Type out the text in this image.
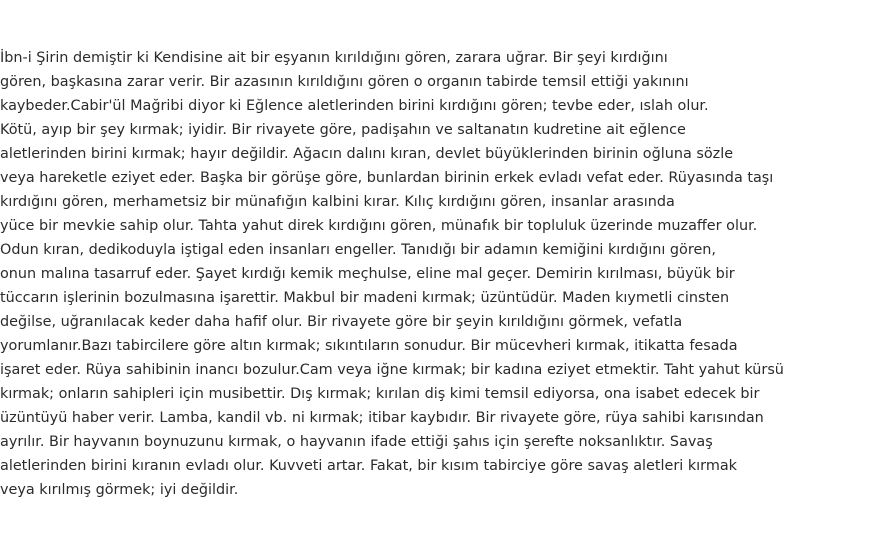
İbn-i Şirin demiştir ki Kendisine ait bir eşyanın kırıldığını gören, zarara uğrar. Bir şeyi kırdığını
gören, başkasına zarar verir. Bir azasının kırıldığını gören o organın tabirde temsil ettiği yakınını
kaybeder.Cabir'ül Mağribi diyor ki Eğlence aletlerinden birini kırdığını gören; tevbe eder, ıslah olur.
Kötü, ayıp bir şey kırmak; iyidir. Bir rivayete göre, padişahın ve saltanatın kudretine ait eğlence
aletlerinden birini kırmak; hayır değildir. Ağacın dalını kıran, devlet büyüklerinden birinin oğluna sözle
veya hareketle eziyet eder. Başka bir görüşe göre, bunlardan birinin erkek evladı vefat eder. Rüyasında taşı
kırdığını gören, merhametsiz bir münafığın kalbini kırar. Kılıç kırdığını gören, insanlar arasında
yüce bir mevkie sahip olur. Tahta yahut direk kırdığını gören, münafık bir topluluk üzerinde muzaffer olur.
Odun kıran, dedikoduyla iştigal eden insanları engeller. Tanıdığı bir adamın kemiğini kırdığını gören,
onun malına tasarruf eder. Şayet kırdığı kemik meçhulse, eline mal geçer. Demirin kırılması, büyük bir
tüccarın işlerinin bozulmasına işarettir. Makbul bir madeni kırmak; üzüntüdür. Maden kıymetli cinsten
değilse, uğranılacak keder daha hafif olur. Bir rivayete göre bir şeyin kırıldığını görmek, vefatla
yorumlanır.Bazı tabircilere göre altın kırmak; sıkıntıların sonudur. Bir mücevheri kırmak, itikatta fesada
işaret eder. Rüya sahibinin inancı bozulur.Cam veya iğne kırmak; bir kadına eziyet etmektir. Taht yahut kürsü
kırmak; onların sahipleri için musibettir. Dış kırmak; kırılan diş kimi temsil ediyorsa, ona isabet edecek bir
üzüntüyü haber verir. Lamba, kandil vb. ni kırmak; itibar kaybıdır. Bir rivayete göre, rüya sahibi karısından
ayrılır. Bir hayvanın boynuzunu kırmak, o hayvanın ifade ettiği şahıs için şerefte noksanlıktır. Savaş
aletlerinden birini kıranın evladı olur. Kuvveti artar. Fakat, bir kısım tabirciye göre savaş aletleri kırmak
veya kırılmış görmek; iyi değildir.
